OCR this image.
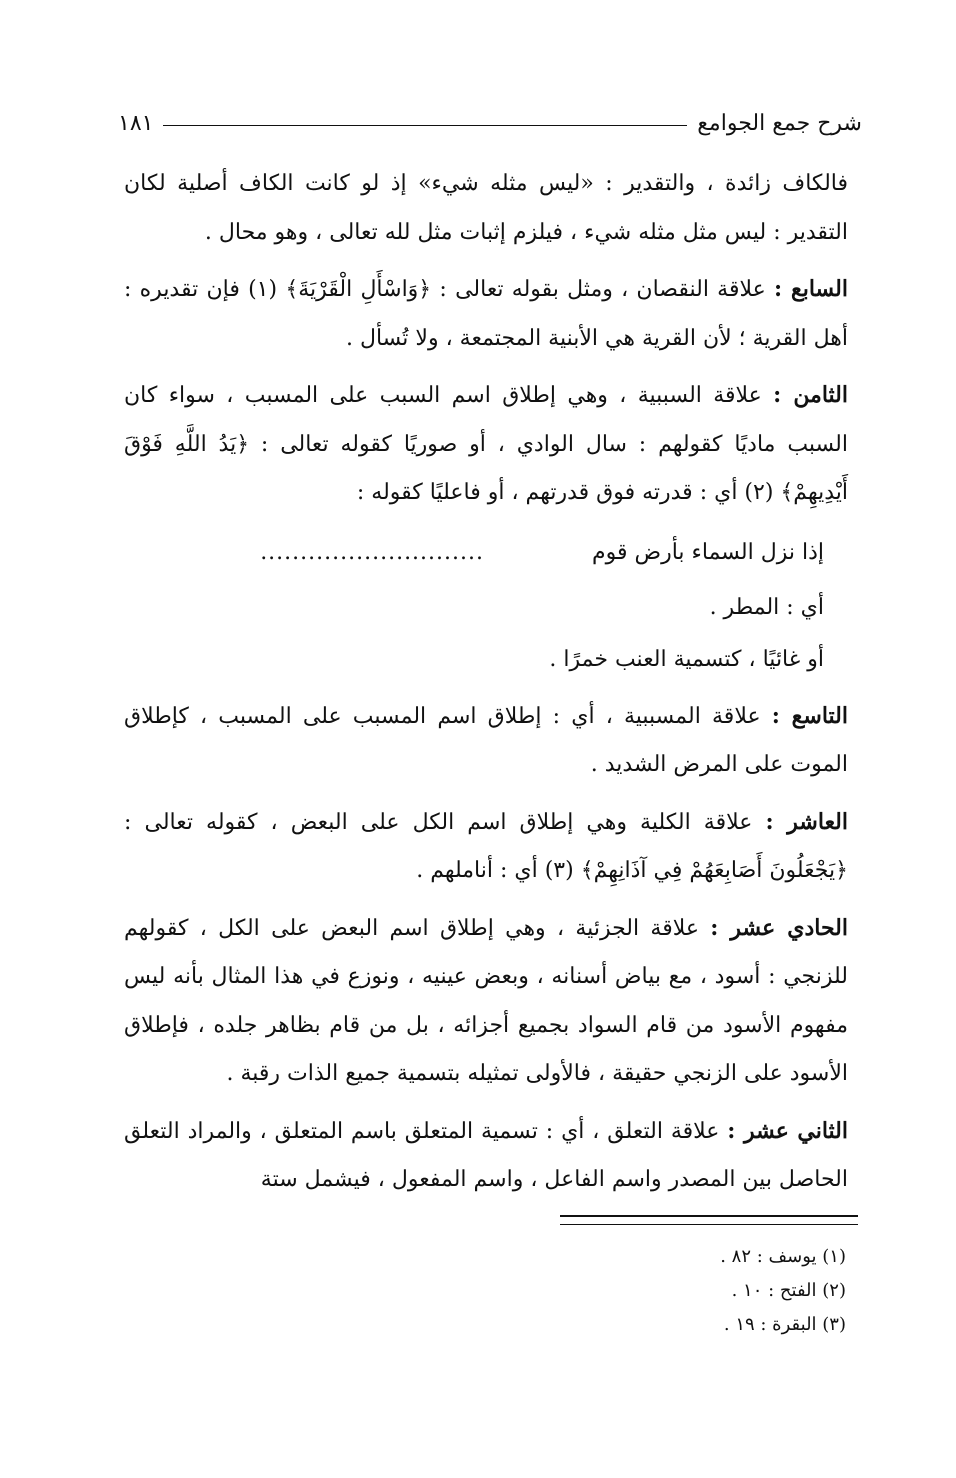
شرح جمع الجوامع
١٨١

فالكاف زائدة ، والتقدير : «ليس مثله شيء» إذ لو كانت الكاف أصلية لكان التقدير : ليس مثل مثله شيء ، فيلزم إثبات مثل لله تعالى ، وهو محال .

السابع : علاقة النقصان ، ومثل بقوله تعالى : ﴿وَاسْأَلِ الْقَرْيَةَ﴾ (١) فإن تقديره : أهل القرية ؛ لأن القرية هي الأبنية المجتمعة ، ولا تُسأل .

الثامن : علاقة السببية ، وهي إطلاق اسم السبب على المسبب ، سواء كان السبب ماديًا كقولهم : سال الوادي ، أو صوريًا كقوله تعالى : ﴿يَدُ اللَّهِ فَوْقَ أَيْدِيهِمْ﴾ (٢) أي : قدرته فوق قدرتهم ، أو فاعليًا كقوله :

إذا نزل السماء بأرض قوم
............................

أي : المطر .

أو غائيًا ، كتسمية العنب خمرًا .

التاسع : علاقة المسببية ، أي : إطلاق اسم المسبب على المسبب ، كإطلاق الموت على المرض الشديد .

العاشر : علاقة الكلية وهي إطلاق اسم الكل على البعض ، كقوله تعالى : ﴿يَجْعَلُونَ أَصَابِعَهُمْ فِي آذَانِهِمْ﴾ (٣) أي : أناملهم .

الحادي عشر : علاقة الجزئية ، وهي إطلاق اسم البعض على الكل ، كقولهم للزنجي : أسود ، مع بياض أسنانه ، وبعض عينيه ، ونوزع في هذا المثال بأنه ليس مفهوم الأسود من قام السواد بجميع أجزائه ، بل من قام بظاهر جلده ، فإطلاق الأسود على الزنجي حقيقة ، فالأولى تمثيله بتسمية جميع الذات رقبة .

الثاني عشر : علاقة التعلق ، أي : تسمية المتعلق باسم المتعلق ، والمراد التعلق الحاصل بين المصدر واسم الفاعل ، واسم المفعول ، فيشمل ستة

(١) يوسف : ٨٢ .
(٢) الفتح : ١٠ .
(٣) البقرة : ١٩ .
